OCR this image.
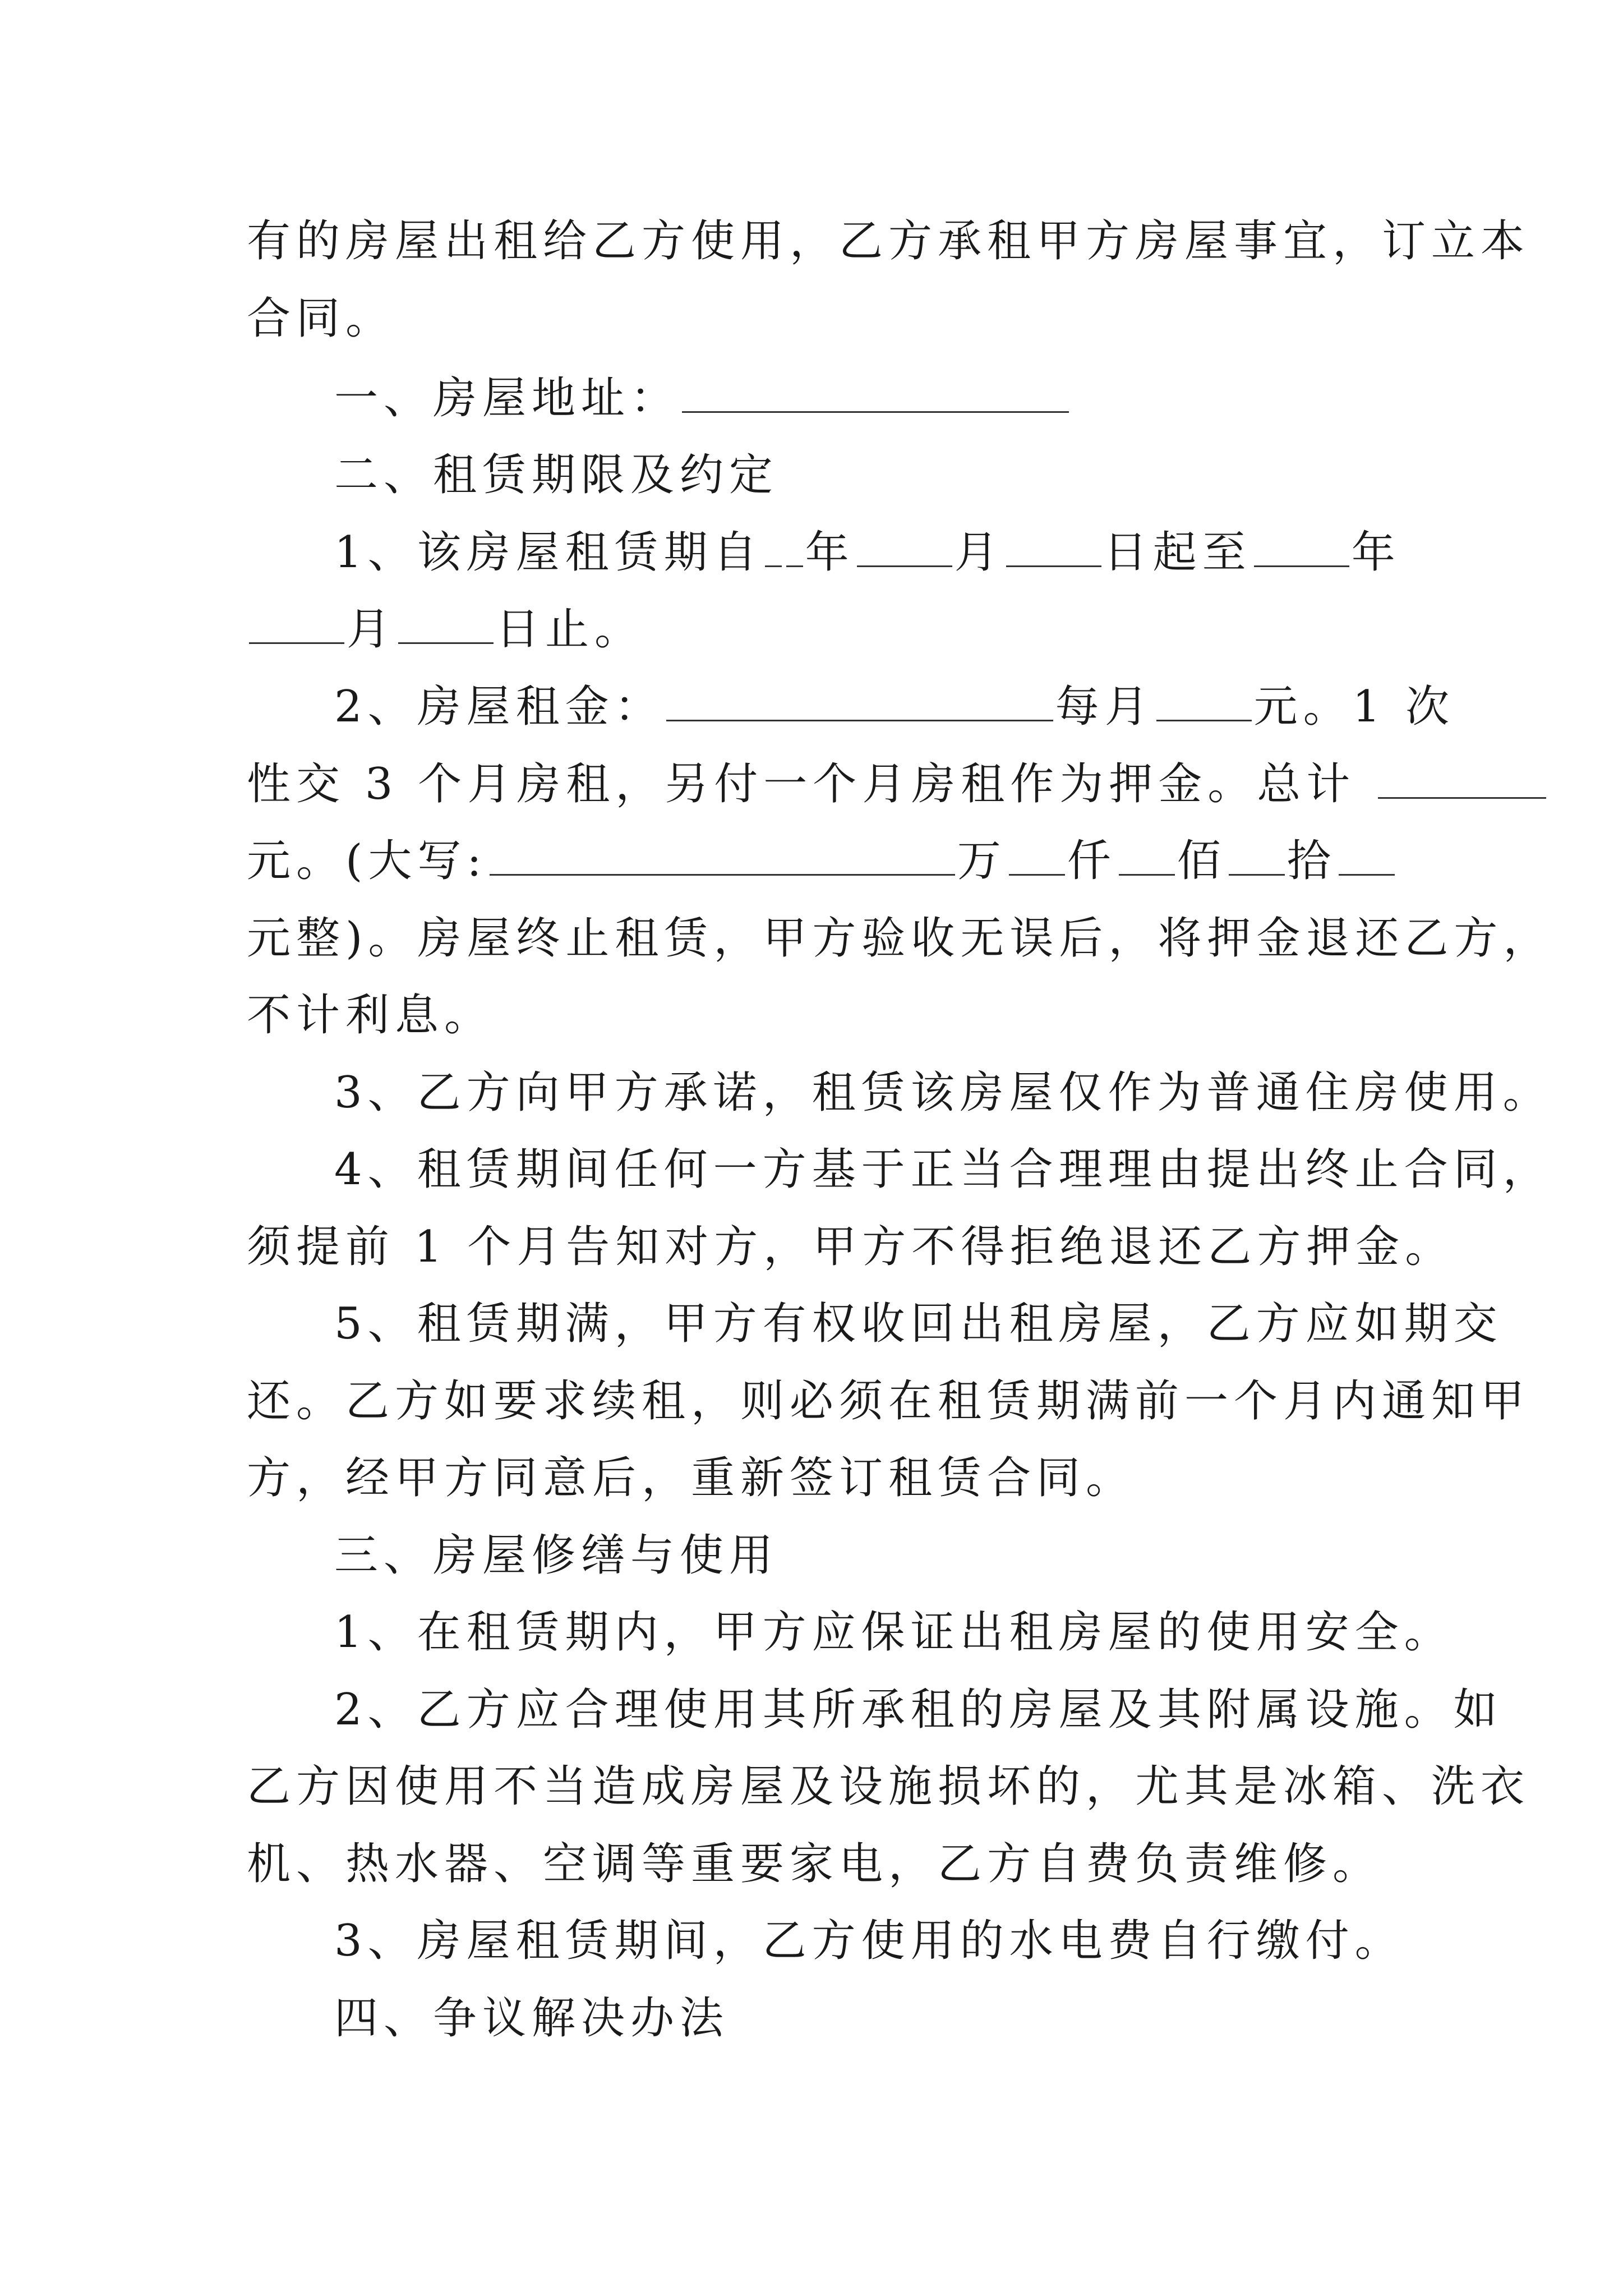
有的房屋出租给乙方使用，乙方承租甲方房屋事宜，订立本
合同。
一、房屋地址：
二、租赁期限及约定
1、该房屋租赁期自 年 月 日起至 年
月 日止。
2、房屋租金：	每月 元。1 次
性交 3 个月房租，另付一个月房租作为押金。总计
元。(大写:	万 仟 佰 拾
元整)。房屋终止租赁，甲方验收无误后，将押金退还乙方，
不计利息。
3、乙方向甲方承诺，租赁该房屋仅作为普通住房使用。
4、租赁期间任何一方基于正当合理理由提出终止合同，
须提前 1 个月告知对方，甲方不得拒绝退还乙方押金。
5、租赁期满，甲方有权收回出租房屋，乙方应如期交
还。乙方如要求续租，则必须在租赁期满前一个月内通知甲
方，经甲方同意后，重新签订租赁合同。
三、房屋修缮与使用
1、在租赁期内，甲方应保证出租房屋的使用安全。
2、乙方应合理使用其所承租的房屋及其附属设施。如
乙方因使用不当造成房屋及设施损坏的，尤其是冰箱、洗衣
机、热水器、空调等重要家电，乙方自费负责维修。
3、房屋租赁期间，乙方使用的水电费自行缴付。
四、争议解决办法
